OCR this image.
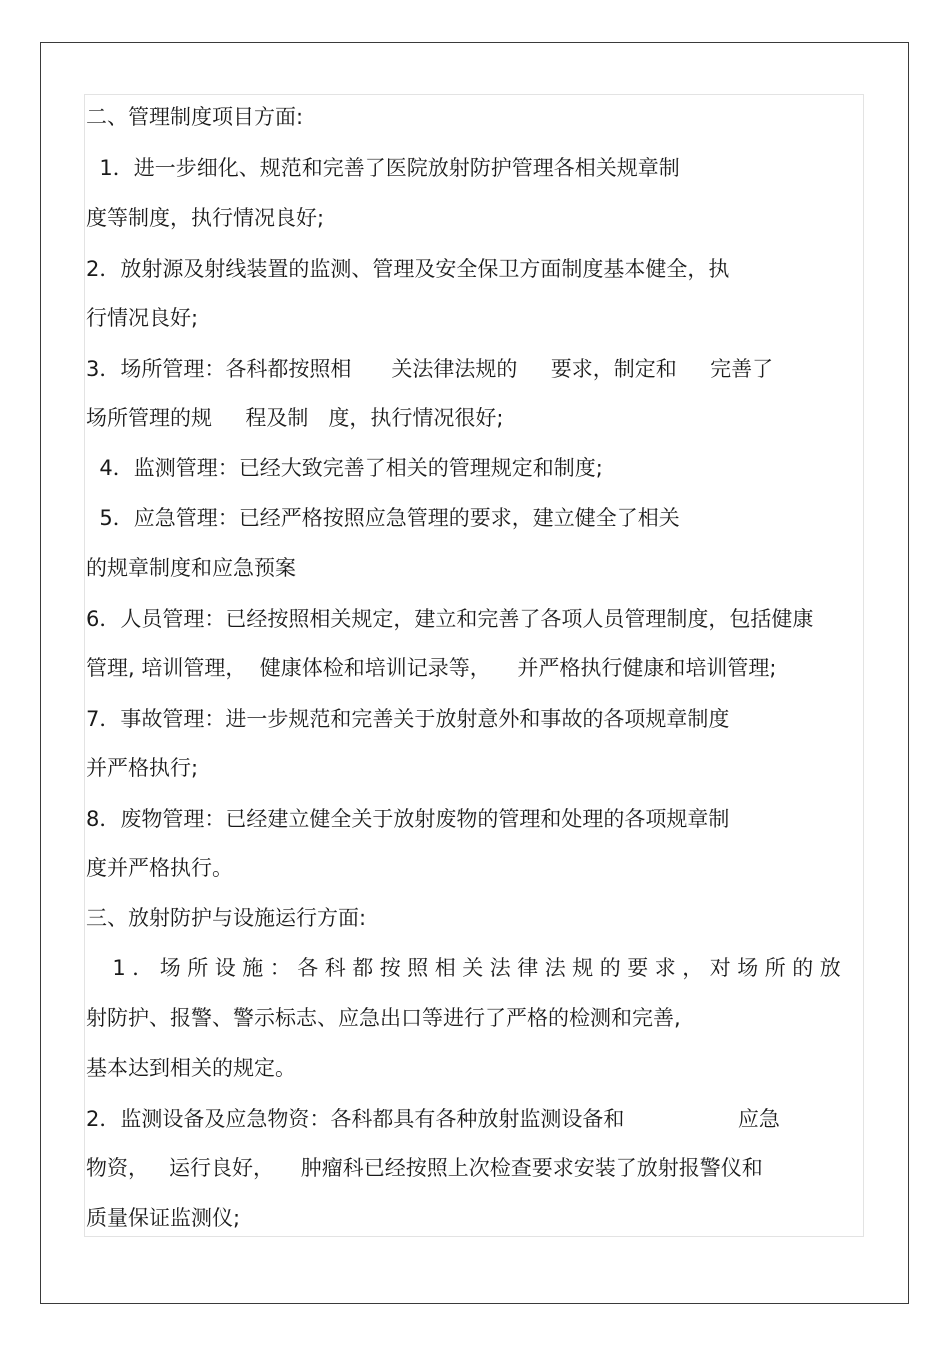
二、管理制度项目方面:
1．进一步细化、规范和完善了医院放射防护管理各相关规章制
度等制度，执行情况良好;
2．放射源及射线装置的监测、管理及安全保卫方面制度基本健全，执
行情况良好;
3．场所管理：各科都按照相      关法律法规的     要求，制定和     完善了
场所管理的规     程及制   度，执行情况很好;
4．监测管理：已经大致完善了相关的管理规定和制度;
5．应急管理：已经严格按照应急管理的要求，建立健全了相关
的规章制度和应急预案
6．人员管理：已经按照相关规定，建立和完善了各项人员管理制度，包括健康
管理, 培训管理，  健康体检和培训记录等，    并严格执行健康和培训管理;
7．事故管理：进一步规范和完善关于放射意外和事故的各项规章制度
并严格执行;
8．废物管理：已经建立健全关于放射废物的管理和处理的各项规章制
度并严格执行。
三、放射防护与设施运行方面:
1．场所设施：各科都按照相关法律法规的要求，对场所的放
射防护、报警、警示标志、应急出口等进行了严格的检测和完善,
基本达到相关的规定。
2．监测设备及应急物资：各科都具有各种放射监测设备和                 应急
物资，   运行良好，    肿瘤科已经按照上次检查要求安装了放射报警仪和
质量保证监测仪;
